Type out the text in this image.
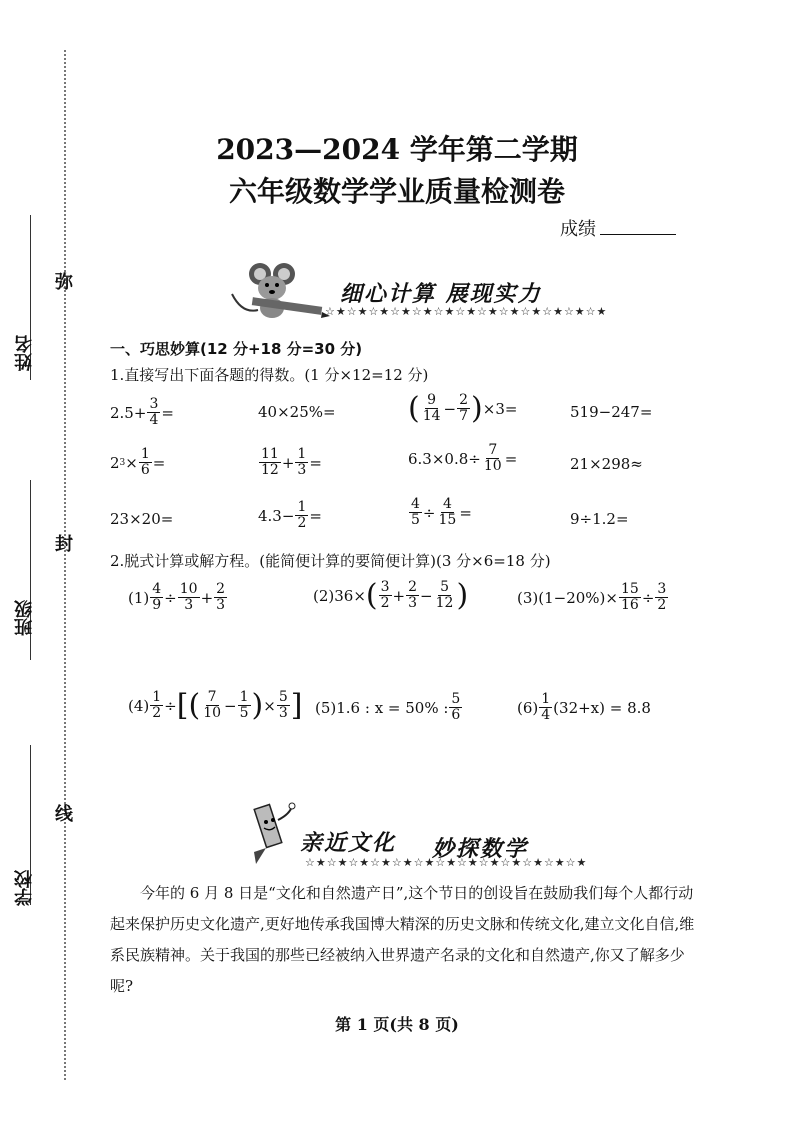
姓名
班级
学校
弥
封
线
2023—2024 学年第二学期
六年级数学学业质量检测卷
成绩
细心计算 展现实力
☆★☆★☆★☆★☆★☆★☆★☆★☆★☆★☆★☆★☆★
一、巧思妙算(12 分+18 分=30 分)
1.直接写出下面各题的得数。(1 分×12=12 分)
$2.5+ \frac{3}{4}$ =	40×25%= ( $\frac{9}{14} - \frac{2}{7}$ ) ×3=	519−247=
2 $3 \times \frac{1}{6}$ =	$\frac{11}{12} + \frac{1}{3}$ =	$6.3\times 0.8\div \frac{7}{10}$ =	21×298≈
23×20=	$4.3- \frac{1}{2}$ =	$\frac{4}{5} \div \frac{4}{15}$ =	9÷1.2=
2.脱式计算或解方程。(能简便计算的要简便计算)(3 分×6=18 分)
$(1) \frac{4}{9} \div \frac{10}{3} + \frac{2}{3}$	(2)36× ( $\frac{3}{2} + \frac{2}{3} - \frac{5}{12}$ )	$(3)(1-20\%)\times \frac{15}{16} \div \frac{3}{2}$
$(4) \frac{1}{2}$ ÷ [ ( $\frac{7}{10} - \frac{1}{5}$ ) × $\frac{5}{3}$ ] (5)1.6 : x = 50% : $\frac{5}{6}$	$(6) \frac{1}{4} (32+x) = 8.8$
亲近文化 妙探数学
☆★☆★☆★☆★☆★☆★☆★☆★☆★☆★☆★☆★☆★
今年的 6 月 8 日是“文化和自然遗产日”,这个节日的创设旨在鼓励我们每个人都行动起来保护历史文化遗产,更好地传承我国博大精深的历史文脉和传统文化,建立文化自信,维系民族精神。关于我国的那些已经被纳入世界遗产名录的文化和自然遗产,你又了解多少呢?
第 1 页(共 8 页)
